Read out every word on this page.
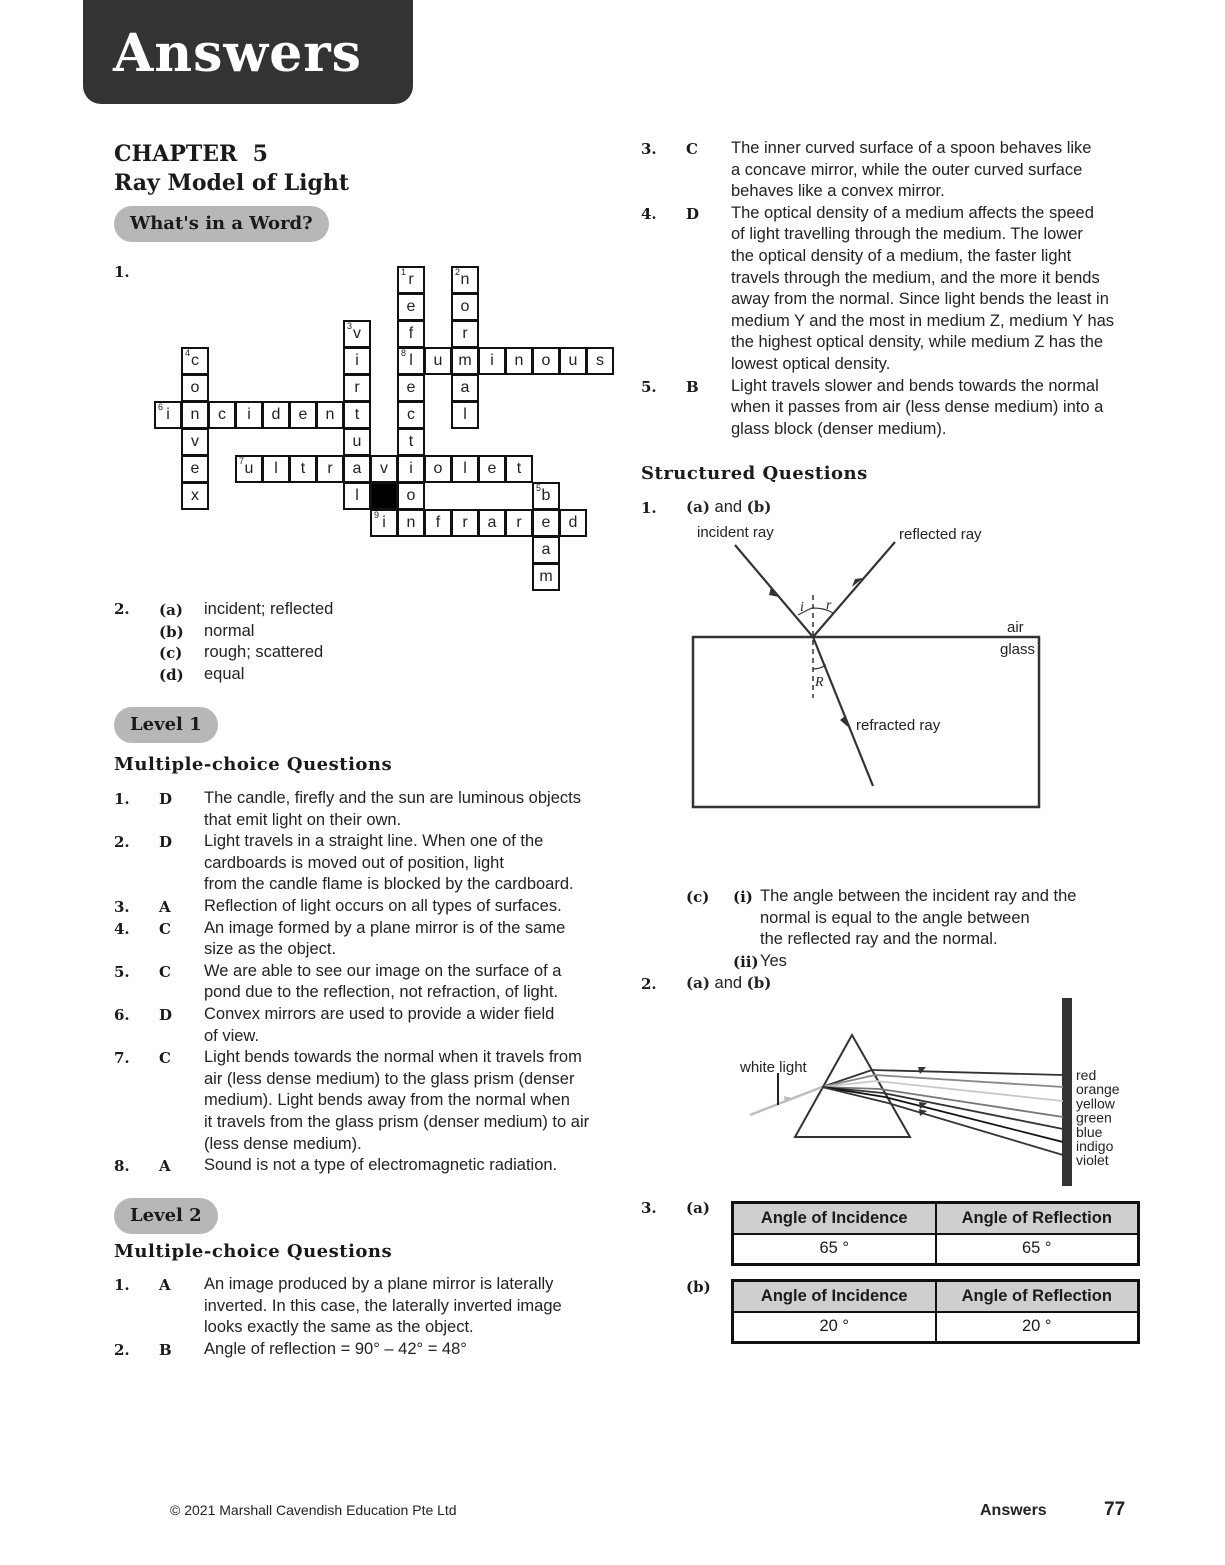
Answers
CHAPTER  5
Ray Model of Light
What's in a Word?
1.	1 r
e
f
8 l
e
c
t
i
o
n
2 n
o
r
m
a
l
3 v
i
r
t
u
a
l
4 c
o
n
v
e
x
u	i	n	o	u	s
6 i	c	i	d	e	n
7 u	l	t	r	v	o	l	e	t
5 b
e
a
m
9 i	f	r	a	r	d
2. (a) incident; reflected
(b) normal
(c) rough; scattered
(d) equal
Level 1
Multiple-choice Questions
1. D The candle, firefly and the sun are luminous objects
that emit light on their own.
2. D Light travels in a straight line. When one of the
cardboards is moved out of position, light
from the candle flame is blocked by the cardboard.
3. A Reflection of light occurs on all types of surfaces.
4. C An image formed by a plane mirror is of the same
size as the object.
5. C We are able to see our image on the surface of a
pond due to the reflection, not refraction, of light.
6. D Convex mirrors are used to provide a wider field
of view.
7. C Light bends towards the normal when it travels from
air (less dense medium) to the glass prism (denser
medium). Light bends away from the normal when
it travels from the glass prism (denser medium) to air
(less dense medium).
8. A Sound is not a type of electromagnetic radiation.
Level 2
Multiple-choice Questions
1. A An image produced by a plane mirror is laterally
inverted. In this case, the laterally inverted image
looks exactly the same as the object.
2. B Angle of reflection = 90° – 42° = 48°
3. C The inner curved surface of a spoon behaves like
a concave mirror, while the outer curved surface
behaves like a convex mirror.
4. D The optical density of a medium affects the speed
of light travelling through the medium. The lower
the optical density of a medium, the faster light
travels through the medium, and the more it bends
away from the normal. Since light bends the least in
medium Y and the most in medium Z, medium Y has
the highest optical density, while medium Z has the
lowest optical density.
5. B Light travels slower and bends towards the normal
when it passes from air (less dense medium) into a
glass block (denser medium).
Structured Questions
1. (a) and (b)
incident ray	reflected ray
refracted ray
air
glass
i r
R
(c) (i) The angle between the incident ray and the
normal is equal to the angle between
the reflected ray and the normal.
(ii) Yes
2. (a) and (b)
white light	red
orange
yellow
green
blue
indigo
violet
3. (a)
Angle of Incidence	Angle of Reflection
65 °	65 °
(b)	Angle of Incidence	Angle of Reflection
20 °	20 °
© 2021 Marshall Cavendish Education Pte Ltd	Answers	77
